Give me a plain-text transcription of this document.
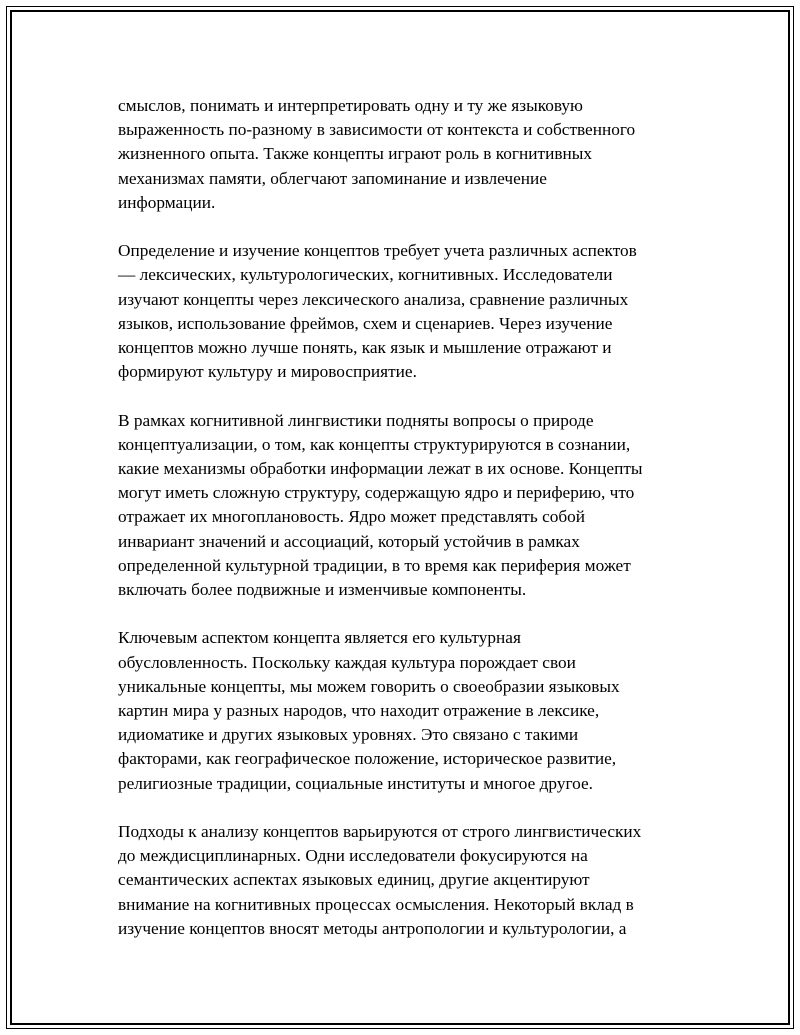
смыслов, понимать и интерпретировать одну и ту же языковую
выраженность по-разному в зависимости от контекста и собственного
жизненного опыта. Также концепты играют роль в когнитивных
механизмах памяти, облегчают запоминание и извлечение
информации.

Определение и изучение концептов требует учета различных аспектов
— лексических, культурологических, когнитивных. Исследователи
изучают концепты через лексического анализа, сравнение различных
языков, использование фреймов, схем и сценариев. Через изучение
концептов можно лучше понять, как язык и мышление отражают и
формируют культуру и мировосприятие.

В рамках когнитивной лингвистики подняты вопросы о природе
концептуализации, о том, как концепты структурируются в сознании,
какие механизмы обработки информации лежат в их основе. Концепты
могут иметь сложную структуру, содержащую ядро и периферию, что
отражает их многоплановость. Ядро может представлять собой
инвариант значений и ассоциаций, который устойчив в рамках
определенной культурной традиции, в то время как периферия может
включать более подвижные и изменчивые компоненты.

Ключевым аспектом концепта является его культурная
обусловленность. Поскольку каждая культура порождает свои
уникальные концепты, мы можем говорить о своеобразии языковых
картин мира у разных народов, что находит отражение в лексике,
идиоматике и других языковых уровнях. Это связано с такими
факторами, как географическое положение, историческое развитие,
религиозные традиции, социальные институты и многое другое.

Подходы к анализу концептов варьируются от строго лингвистических
до междисциплинарных. Одни исследователи фокусируются на
семантических аспектах языковых единиц, другие акцентируют
внимание на когнитивных процессах осмысления. Некоторый вклад в
изучение концептов вносят методы антропологии и культурологии, а
